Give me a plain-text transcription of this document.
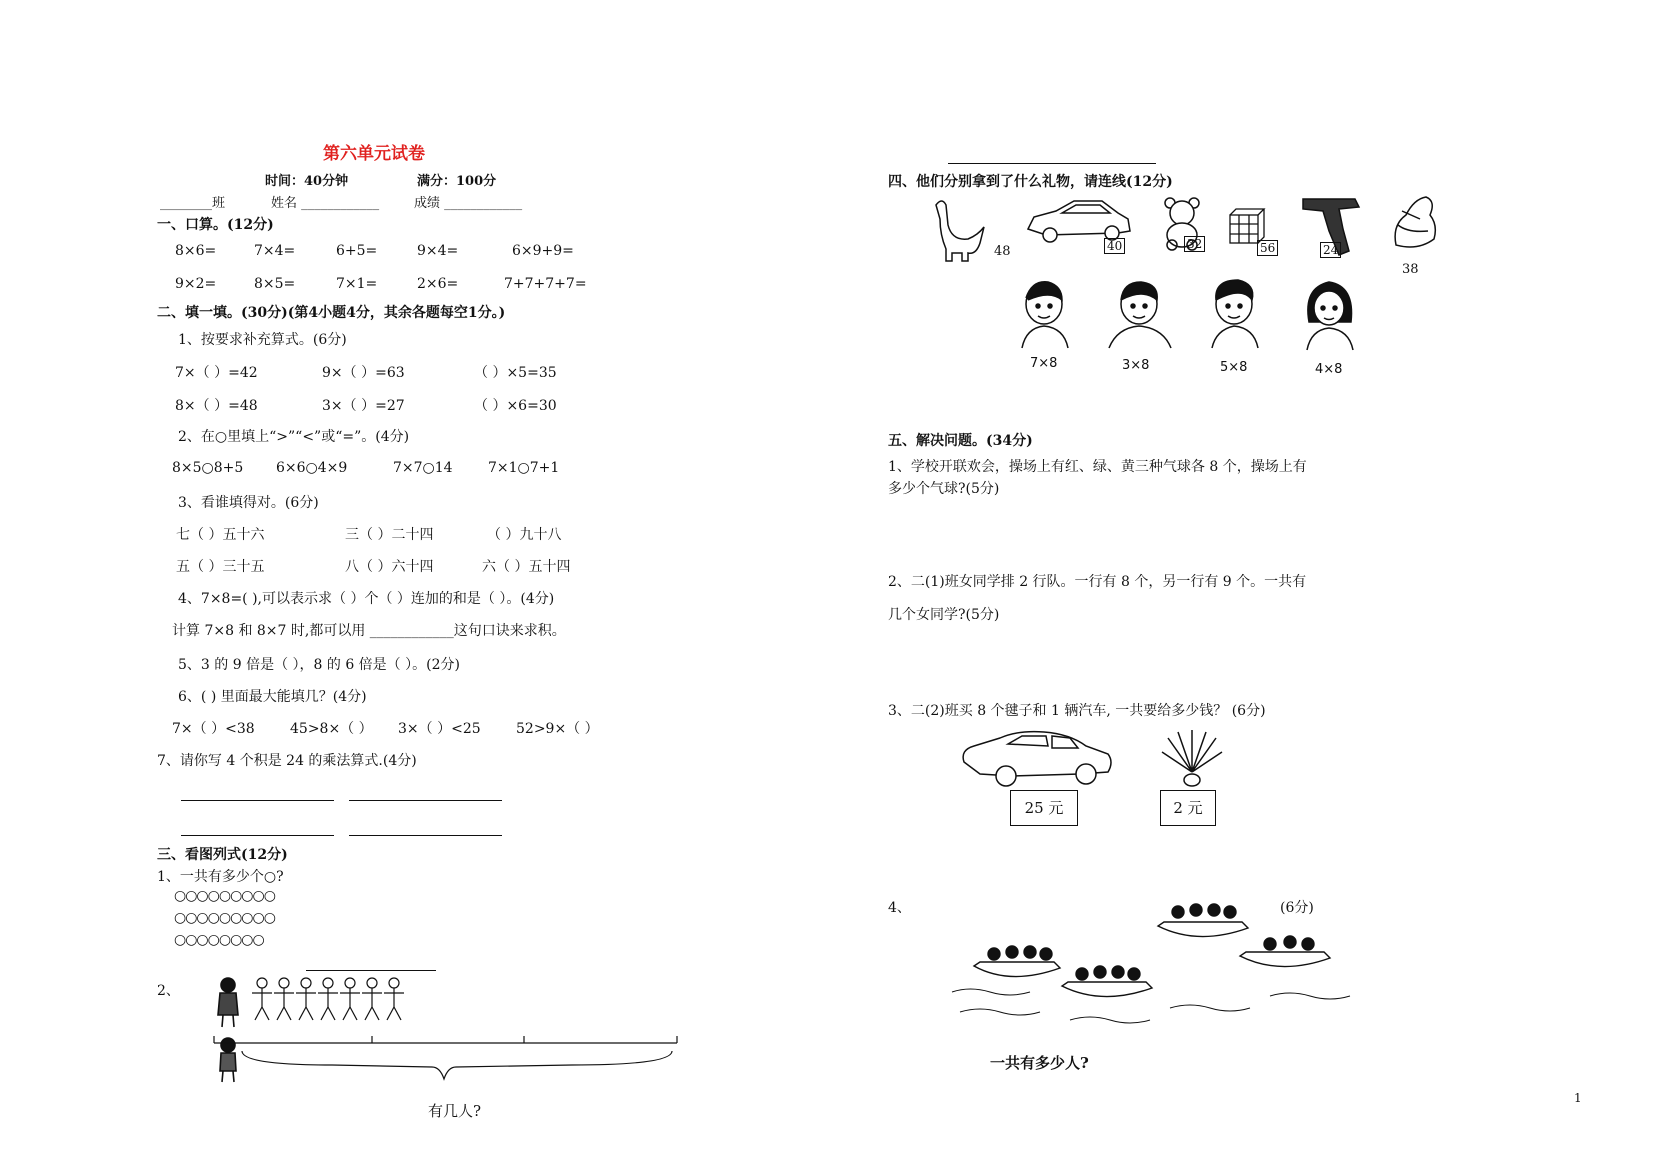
第六单元试卷
时间：40分钟	满分：100分
________班	姓名 ____________	成绩 ____________
一、口算。(12分)
8×6=	7×4=	6+5=	9×4=	6×9+9=
9×2=	8×5=	7×1=	2×6=	7+7+7+7=
二、填一填。(30分)(第4小题4分，其余各题每空1分。)
1、按要求补充算式。(6分)
7×（ ）=42	9×（ ）=63	（ ）×5=35
8×（ ）=48	3×（ ）=27	（ ）×6=30
2、在○里填上“>”“<”或“=”。(4分)
8×5○8+5 6×6○4×9	7×7○14	7×1○7+1
3、看谁填得对。(6分)
七（ ）五十六	三（ ）二十四	（ ）九十八
五（ ）三十五	八（ ）六十四	六（ ）五十四
4、7×8=( ),可以表示求（ ）个（ ）连加的和是（ ）。(4分)
计算 7×8 和 8×7 时,都可以用 ____________这句口诀来求积。
5、3 的 9 倍是（ ），8 的 6 倍是（ ）。(2分)
6、( ) 里面最大能填几？(4分)
7×（ ）<38	45>8×（ ） 3×（ ）<25	52>9×（ ）
7、请你写 4 个积是 24 的乘法算式.(4分)
三、看图列式(12分)
1、一共有多少个○?
○○○○○○○○○
○○○○○○○○○
○○○○○○○○
2、
有几人?
四、他们分别拿到了什么礼物，请连线(12分)
48	40	32	56	24
38
7×8	3×8	5×8	4×8
五、解决问题。(34分)
1、学校开联欢会，操场上有红、绿、黄三种气球各 8 个，操场上有
多少个气球?(5分)
2、二(1)班女同学排 2 行队。一行有 8 个，另一行有 9 个。一共有
几个女同学?(5分)
3、二(2)班买 8 个毽子和 1 辆汽车, 一共要给多少钱？ (6分)
25 元	2 元
4、	(6分)
一共有多少人?
1
